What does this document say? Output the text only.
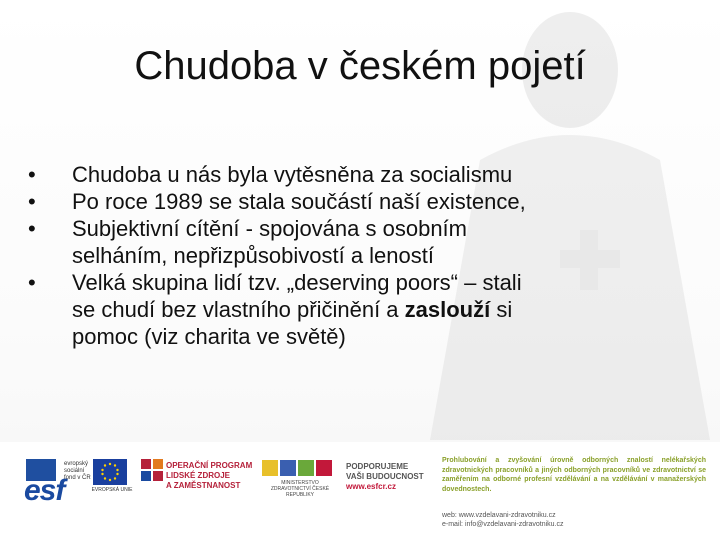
Chudoba v českém pojetí
• Chudoba u nás byla vytěsněna za socialismu
• Po roce 1989 se stala součástí naší existence,
• Subjektivní cítění - spojována s osobním
selháním, nepřizpůsobivostí a leností
• Velká skupina lidí tzv. „deserving poors“ – stali
se chudí bez vlastního přičinění a zaslouží si
pomoc (viz charita ve světě)
esf
evropský sociální fond v ČR
EVROPSKÁ UNIE
OPERAČNÍ PROGRAM
LIDSKÉ ZDROJE
A ZAMĚSTNANOST	MINISTERSTVO ZDRAVOTNICTVÍ ČESKÉ REPUBLIKY
PODPORUJEME
VAŠI BUDOUCNOST
www.esfcr.cz
Prohlubování a zvyšování úrovně odborných znalostí nelékařských zdravotnických pracovníků a jiných odborných pracovníků ve zdravotnictví se zaměřením na odborné profesní vzdělávání a na vzdělávání v manažerských dovednostech.
web: www.vzdelavani-zdravotniku.cz
e-mail: info@vzdelavani-zdravotniku.cz
